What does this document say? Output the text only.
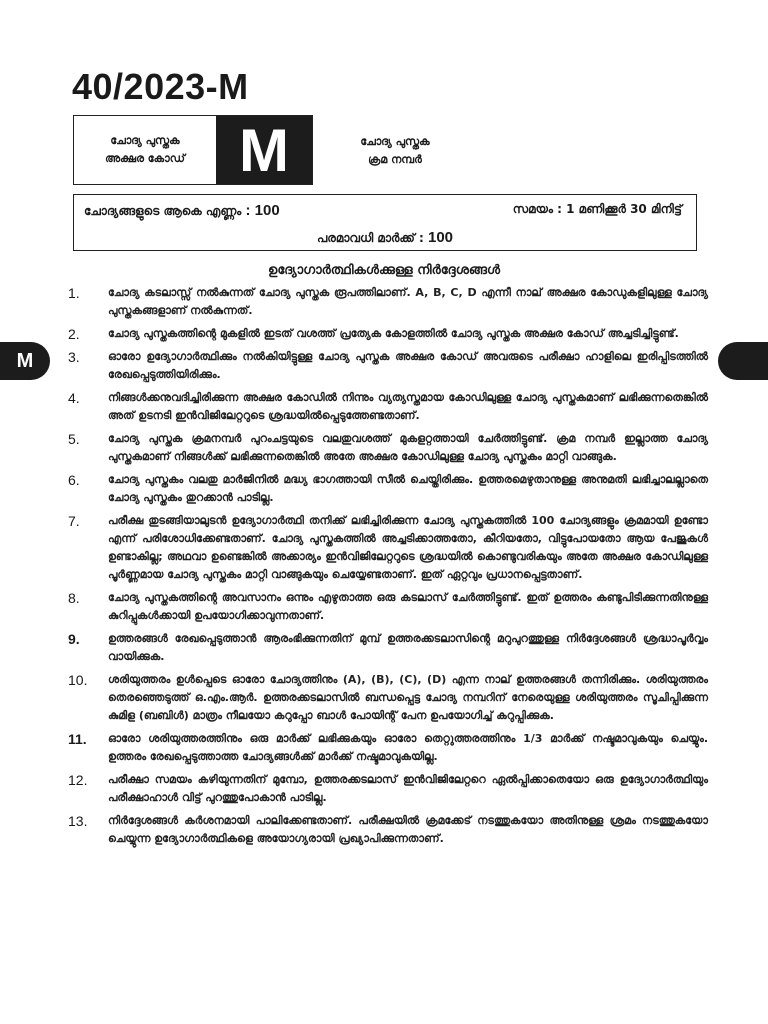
40/2023-M
ചോദ്യ പുസ്തക
അക്ഷര കോഡ് M	ചോദ്യ പുസ്തക
ക്രമ നമ്പർ
ചോദ്യങ്ങളുടെ ആകെ എണ്ണം : 100	സമയം : 1 മണിക്കൂർ 30 മിനിട്ട്
പരമാവധി മാർക്ക് : 100
ഉദ്യോഗാർത്ഥികൾക്കുള്ള നിർദ്ദേശങ്ങൾ
M
1.	ചോദ്യ കടലാസ്സ് നൽകുന്നത് ചോദ്യ പുസ്തക രൂപത്തിലാണ്. A, B, C, D എന്നീ നാല് അക്ഷര കോഡുകളിലുള്ള ചോദ്യ പുസ്തകങ്ങളാണ് നൽകുന്നത്.
2.	ചോദ്യ പുസ്തകത്തിന്റെ മുകളിൽ ഇടത് വശത്ത് പ്രത്യേക കോളത്തിൽ ചോദ്യ പുസ്തക അക്ഷര കോഡ് അച്ചടിച്ചിട്ടുണ്ട്.
3.	ഓരോ ഉദ്യോഗാർത്ഥിക്കും നൽകിയിട്ടുള്ള ചോദ്യ പുസ്തക അക്ഷര കോഡ് അവരുടെ പരീക്ഷാ ഹാളിലെ ഇരിപ്പിടത്തിൽ രേഖപ്പെടുത്തിയിരിക്കും.
4.	നിങ്ങൾക്കനുവദിച്ചിരിക്കുന്ന അക്ഷര കോഡിൽ നിന്നും വ്യത്യസ്തമായ കോഡിലുള്ള ചോദ്യ പുസ്തകമാണ് ലഭിക്കുന്നതെങ്കിൽ അത് ഉടനടി ഇൻവിജിലേറ്ററുടെ ശ്രദ്ധയിൽപ്പെടുത്തേണ്ടതാണ്.
5.	ചോദ്യ പുസ്തക ക്രമനമ്പർ പുറംചട്ടയുടെ വലതുവശത്ത് മുകളറ്റത്തായി ചേർത്തിട്ടുണ്ട്. ക്രമ നമ്പർ ഇല്ലാത്ത ചോദ്യ പുസ്തകമാണ് നിങ്ങൾക്ക് ലഭിക്കുന്നതെങ്കിൽ അതേ അക്ഷര കോഡിലുള്ള ചോദ്യ പുസ്തകം മാറ്റി വാങ്ങുക.
6.	ചോദ്യ പുസ്തകം വലതു മാർജിനിൽ മദ്ധ്യ ഭാഗത്തായി സീൽ ചെയ്തിരിക്കും. ഉത്തരമെഴുതാനുള്ള അനുമതി ലഭിച്ചാലല്ലാതെ ചോദ്യ പുസ്തകം തുറക്കാൻ പാടില്ല.
7.	പരീക്ഷ തുടങ്ങിയാലുടൻ ഉദ്യോഗാർത്ഥി തനിക്ക് ലഭിച്ചിരിക്കുന്ന ചോദ്യ പുസ്തകത്തിൽ 100 ചോദ്യങ്ങളും ക്രമമായി ഉണ്ടോ എന്ന് പരിശോധിക്കേണ്ടതാണ്. ചോദ്യ പുസ്തകത്തിൽ അച്ചടിക്കാത്തതോ, കീറിയതോ, വിട്ടുപോയതോ ആയ പേജുകൾ ഉണ്ടാകില്ല; അഥവാ ഉണ്ടെങ്കിൽ അക്കാര്യം ഇൻവിജിലേറ്ററുടെ ശ്രദ്ധയിൽ കൊണ്ടുവരികയും അതേ അക്ഷര കോഡിലുള്ള പൂർണ്ണമായ ചോദ്യ പുസ്തകം മാറ്റി വാങ്ങുകയും ചെയ്യേണ്ടതാണ്. ഇത് ഏറ്റവും പ്രധാനപ്പെട്ടതാണ്.
8.	ചോദ്യ പുസ്തകത്തിന്റെ അവസാനം ഒന്നും എഴുതാത്ത ഒരു കടലാസ് ചേർത്തിട്ടുണ്ട്. ഇത് ഉത്തരം കണ്ടുപിടിക്കുന്നതിനുള്ള കുറിപ്പുകൾക്കായി ഉപയോഗിക്കാവുന്നതാണ്.
9.	ഉത്തരങ്ങൾ രേഖപ്പെടുത്താൻ ആരംഭിക്കുന്നതിന് മുമ്പ് ഉത്തരക്കടലാസിന്റെ മറുപുറത്തുള്ള നിർദ്ദേശങ്ങൾ ശ്രദ്ധാപൂർവ്വം വായിക്കുക.
10.	ശരിയുത്തരം ഉൾപ്പെടെ ഓരോ ചോദ്യത്തിനും (A), (B), (C), (D) എന്ന നാല് ഉത്തരങ്ങൾ തന്നിരിക്കും. ശരിയുത്തരം തെരഞ്ഞെടുത്ത് ഒ.എം.ആർ. ഉത്തരക്കടലാസിൽ ബന്ധപ്പെട്ട ചോദ്യ നമ്പറിന് നേരെയുള്ള ശരിയുത്തരം സൂചിപ്പിക്കുന്ന കുമിള (ബബിൾ) മാത്രം നീലയോ കറുപ്പോ ബാൾ പോയിന്റ് പേന ഉപയോഗിച്ച് കറുപ്പിക്കുക.
11.	ഓരോ ശരിയുത്തരത്തിനും ഒരു മാർക്ക് ലഭിക്കുകയും ഓരോ തെറ്റുത്തരത്തിനും 1/3 മാർക്ക് നഷ്ടമാവുകയും ചെയ്യും. ഉത്തരം രേഖപ്പെടുത്താത്ത ചോദ്യങ്ങൾക്ക് മാർക്ക് നഷ്ടമാവുകയില്ല.
12.	പരീക്ഷാ സമയം കഴിയുന്നതിന് മുമ്പോ, ഉത്തരക്കടലാസ് ഇൻവിജിലേറ്ററെ ഏൽപ്പിക്കാതെയോ ഒരു ഉദ്യോഗാർത്ഥിയും പരീക്ഷാഹാൾ വിട്ട് പുറത്തുപോകാൻ പാടില്ല.
13.	നിർദ്ദേശങ്ങൾ കർശനമായി പാലിക്കേണ്ടതാണ്. പരീക്ഷയിൽ ക്രമക്കേട് നടത്തുകയോ അതിനുള്ള ശ്രമം നടത്തുകയോ ചെയ്യുന്ന ഉദ്യോഗാർത്ഥികളെ അയോഗ്യരായി പ്രഖ്യാപിക്കുന്നതാണ്.
